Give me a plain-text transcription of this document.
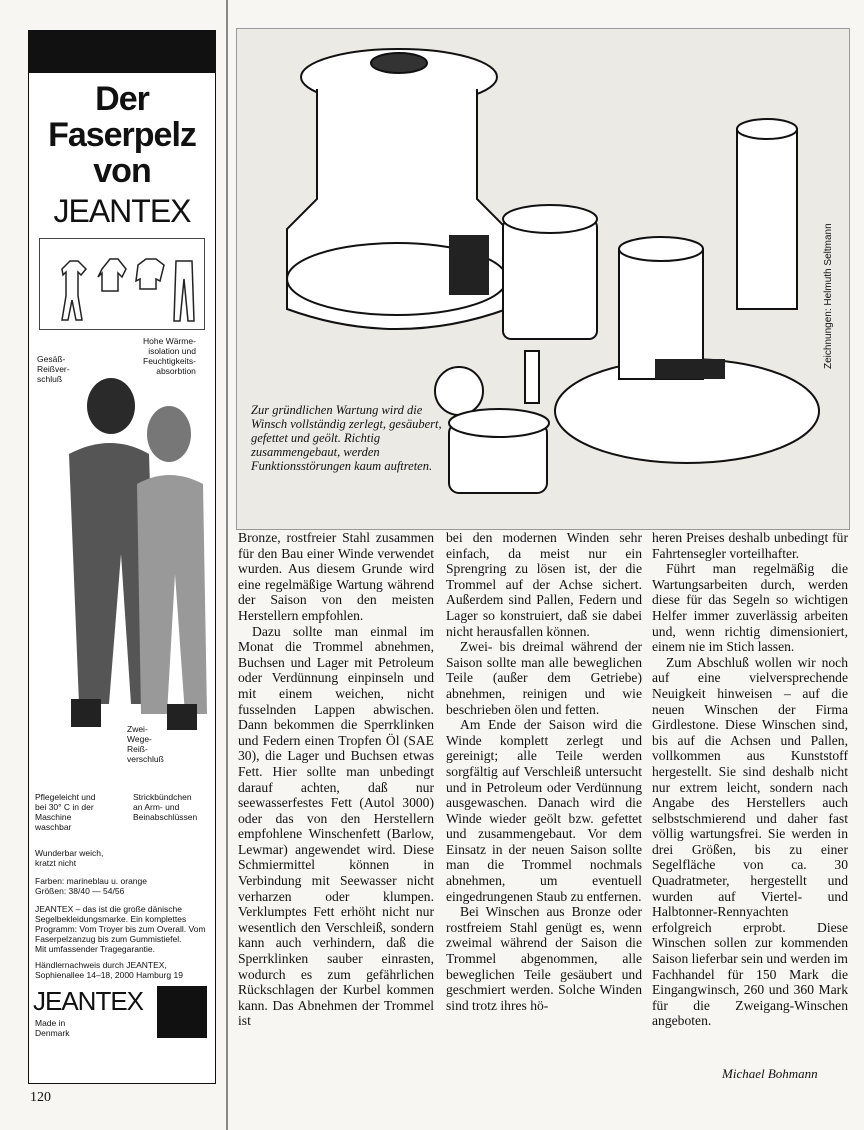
Der
Faserpelz
von
JEANTEX
Hohe Wärme-
isolation und
Feuchtigkeits-
absorbtion
Gesäß-
Reißver-
schluß
Zwei-
Wege-
Reiß-
verschluß
Pflegeleicht und
bei 30° C in der
Maschine
waschbar
Strickbündchen
an Arm- und
Beinabschlüssen
Wunderbar weich,
kratzt nicht
Farben: marineblau u. orange
Größen: 38/40 — 54/56
JEANTEX – das ist die große dänische Segelbekleidungsmarke. Ein komplettes Programm: Vom Troyer bis zum Overall. Vom Faserpelzanzug bis zum Gummistiefel.
Mit umfassender Tragegarantie.
Händlernachweis durch JEANTEX,
Sophienallee 14–18, 2000 Hamburg 19
JEANTEX
Made in
Denmark
Zur gründlichen Wartung wird die Winsch vollständig zerlegt, gesäubert, gefettet und geölt. Richtig zusammengebaut, werden Funktionsstörungen kaum auftreten.
Zeichnungen: Helmuth Seltmann

Bronze, rostfreier Stahl zusammen für den Bau einer Winde verwendet wurden. Aus diesem Grunde wird eine regelmäßige Wartung während der Saison von den meisten Herstellern empfohlen.

Dazu sollte man einmal im Monat die Trommel abnehmen, Buchsen und Lager mit Petroleum oder Verdünnung einpinseln und mit einem weichen, nicht fusselnden Lappen abwischen. Dann bekommen die Sperrklinken und Federn einen Tropfen Öl (SAE 30), die Lager und Buchsen etwas Fett. Hier sollte man unbedingt darauf achten, daß nur seewasserfestes Fett (Autol 3000) oder das von den Herstellern empfohlene Winschenfett (Barlow, Lewmar) angewendet wird. Diese Schmiermittel können in Verbindung mit Seewasser nicht verharzen oder klumpen. Verklumptes Fett erhöht nicht nur wesentlich den Verschleiß, sondern kann auch verhindern, daß die Sperrklinken sauber einrasten, wodurch es zum gefährlichen Rückschlagen der Kurbel kommen kann. Das Abnehmen der Trommel ist

bei den modernen Winden sehr einfach, da meist nur ein Sprengring zu lösen ist, der die Trommel auf der Achse sichert. Außerdem sind Pallen, Federn und Lager so konstruiert, daß sie dabei nicht herausfallen können.

Zwei- bis dreimal während der Saison sollte man alle beweglichen Teile (außer dem Getriebe) abnehmen, reinigen und wie beschrieben ölen und fetten.

Am Ende der Saison wird die Winde komplett zerlegt und gereinigt; alle Teile werden sorgfältig auf Verschleiß untersucht und in Petroleum oder Verdünnung ausgewaschen. Danach wird die Winde wieder geölt bzw. gefettet und zusammengebaut. Vor dem Einsatz in der neuen Saison sollte man die Trommel nochmals abnehmen, um eventuell eingedrungenen Staub zu entfernen.

Bei Winschen aus Bronze oder rostfreiem Stahl genügt es, wenn zweimal während der Saison die Trommel abgenommen, alle beweglichen Teile gesäubert und geschmiert werden. Solche Winden sind trotz ihres hö-

heren Preises deshalb unbedingt für Fahrtensegler vorteilhafter.

Führt man regelmäßig die Wartungsarbeiten durch, werden diese für das Segeln so wichtigen Helfer immer zuverlässig arbeiten und, wenn richtig dimensioniert, einem nie im Stich lassen.

Zum Abschluß wollen wir noch auf eine vielversprechende Neuigkeit hinweisen – auf die neuen Winschen der Firma Girdlestone. Diese Winschen sind, bis auf die Achsen und Pallen, vollkommen aus Kunststoff hergestellt. Sie sind deshalb nicht nur extrem leicht, sondern nach Angabe des Herstellers auch selbstschmierend und daher fast völlig wartungsfrei. Sie werden in drei Größen, bis zu einer Segelfläche von ca. 30 Quadratmeter, hergestellt und wurden auf Viertel- und Halbtonner-Rennyachten erfolgreich erprobt. Diese Winschen sollen zur kommenden Saison lieferbar sein und werden im Fachhandel für 150 Mark die Eingangwinsch, 260 und 360 Mark für die Zweigang-Winschen angeboten.

Michael Bohmann
120
